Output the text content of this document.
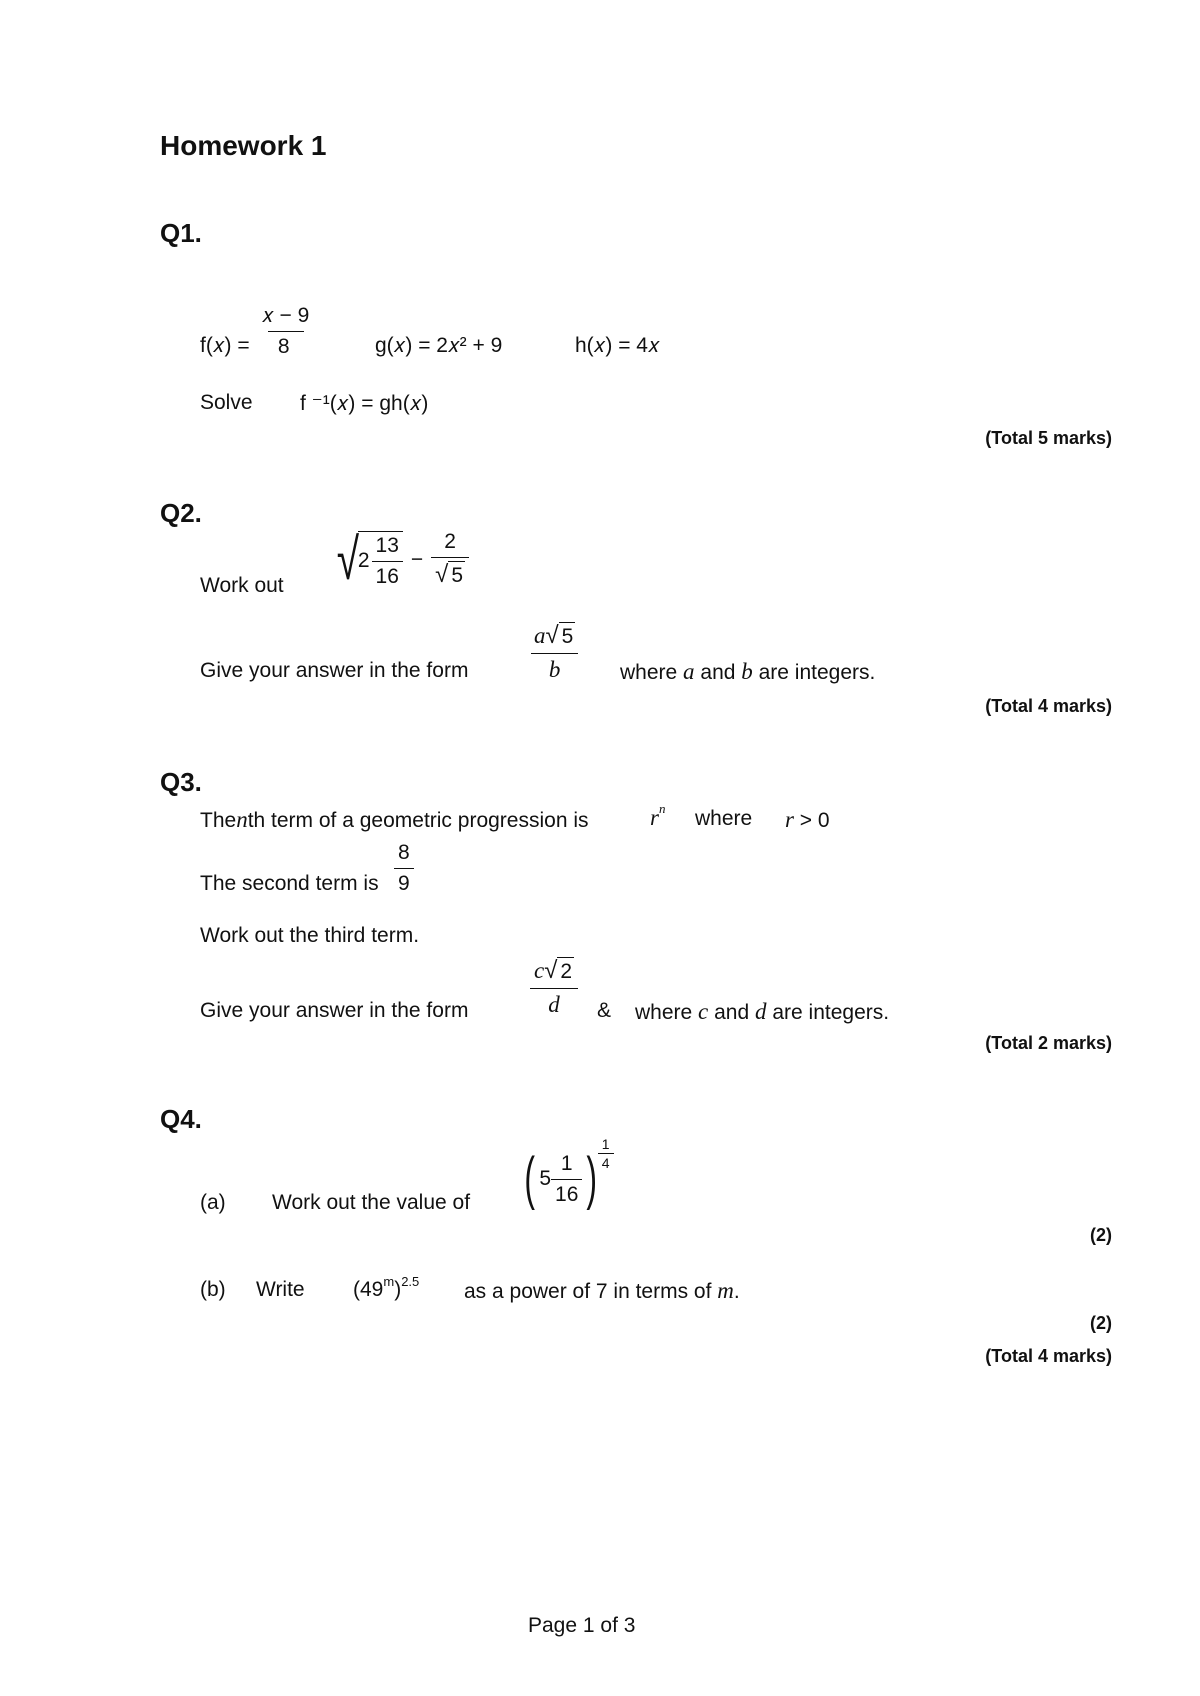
Homework 1
Q1.
f(𝑥) = $\frac{\text{𝑥 − 9}}{8}$	g(𝑥) = 2𝑥² + 9	h(𝑥) = 4𝑥
Solve f ⁻¹(𝑥) = gh(𝑥)
(Total 5 marks)
Q2.
Work out √
$2 \frac{13}{16} - \frac{2}{√ 5}$
Give your answer in the form	$\frac{a√ 5}{b}$ where a and b are integers.
(Total 4 marks)
Q3.
Thenth term of a geometric progression is	$r^n$ where r > 0
The second term is $\frac{8}{9}$
Work out the third term.
Give your answer in the form	$\frac{c√ 2}{d}$ & where c and d are integers.
(Total 2 marks)
Q4.
(a) Work out the value of ( $5 \frac{1}{16}$ ) $\frac{1}{4}$
(2)
(b) Write $(49^m)^{2.5}$ as a power of 7 in terms of m.
(2)
(Total 4 marks)
Page 1 of 3
